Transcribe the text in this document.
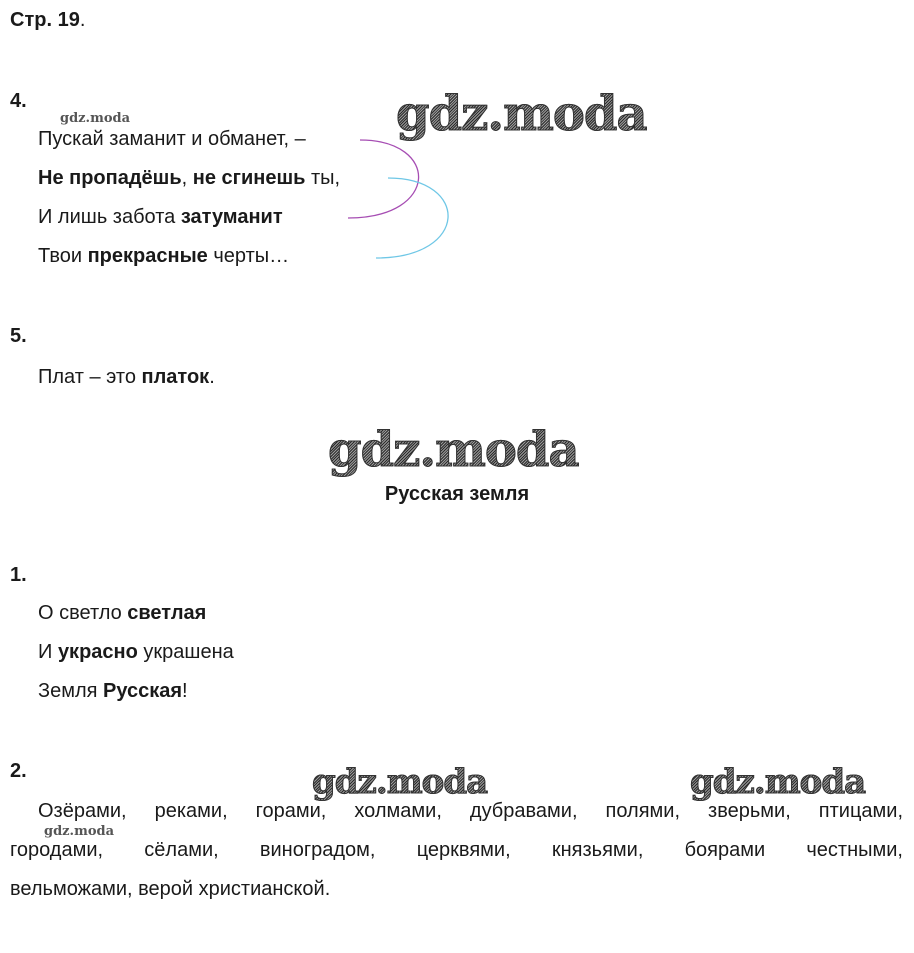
Стр. 19.
4.
gdz.moda	gdz.moda
Пускай заманит и обманет, –
Не пропадёшь, не сгинешь ты,
И лишь забота затуманит
Твои прекрасные черты…
5.
Плат – это платок.
gdz.moda
Русская земля
1.
О светло светлая
И украсно украшена
Земля Русская!
2.	gdz.moda	gdz.moda
Озёрами, реками, горами, холмами, дубравами, полями, зверьми, птицами,
gdz.moda
городами, сёлами, виноградом, церквями, князьями, боярами честными,
вельможами, верой христианской.
